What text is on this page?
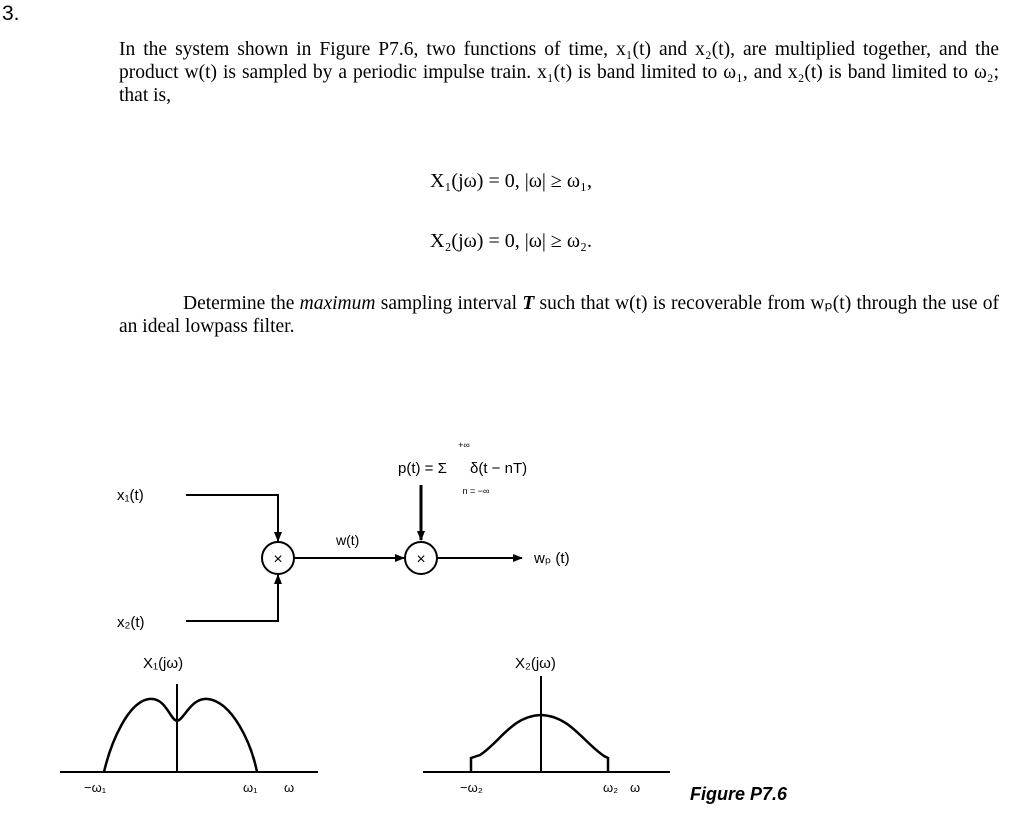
3.

In the system shown in Figure P7.6, two functions of time, x₁(t) and x₂(t), are multiplied together, and the product w(t) is sampled by a periodic impulse train. x₁(t) is band limited to ω₁, and x₂(t) is band limited to ω₂; that is,

X₁(jω) = 0, |ω| ≥ ω₁,
X₂(jω) = 0, |ω| ≥ ω₂.
Determine the maximum sampling interval T such that w(t) is recoverable from wₚ(t) through the use of an ideal lowpass filter.
x₁(t)
x₂(t)
×
w(t)
×
p(t) = Σ δ(t − nT)
+∞
n = −∞
wₚ (t)
X₁(jω)
−ω₁	ω₁ ω
X₂(jω)
−ω₂	ω₂ ω	Figure P7.6
